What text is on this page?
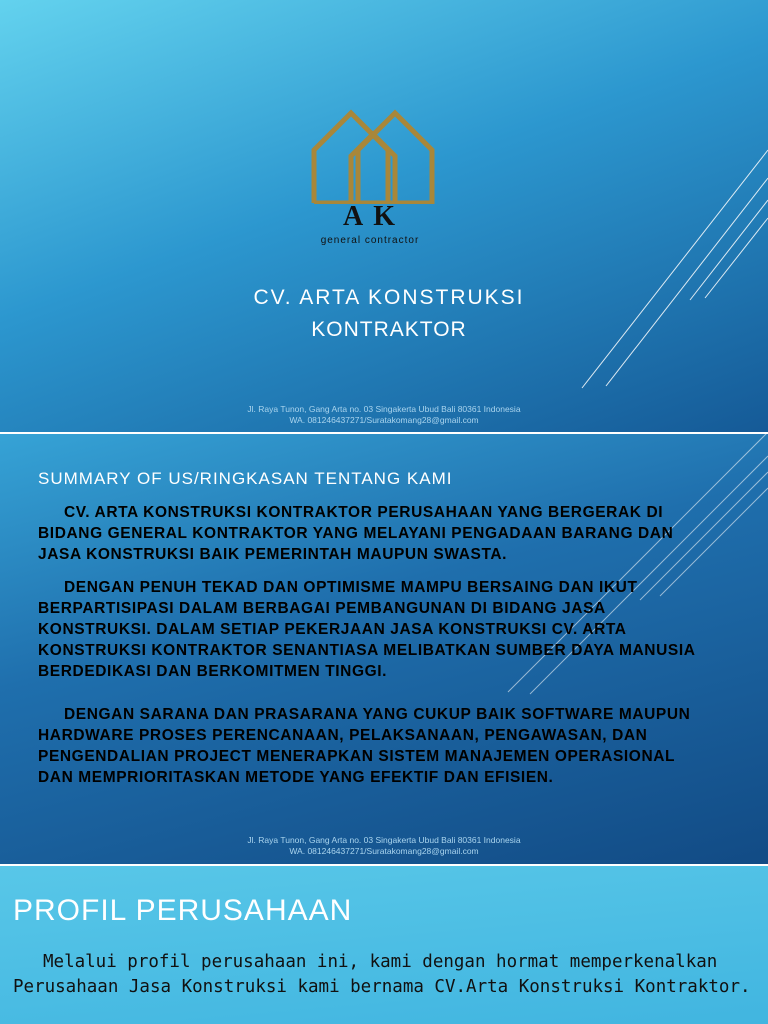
AK
general contractor
CV. ARTA KONSTRUKSI
KONTRAKTOR
Jl. Raya Tunon, Gang Arta no. 03 Singakerta Ubud Bali 80361 Indonesia
WA. 081246437271/Suratakomang28@gmail.com
SUMMARY OF US/RINGKASAN TENTANG KAMI

CV. ARTA KONSTRUKSI KONTRAKTOR PERUSAHAAN YANG BERGERAK DI BIDANG GENERAL KONTRAKTOR YANG MELAYANI PENGADAAN BARANG DAN JASA KONSTRUKSI BAIK PEMERINTAH MAUPUN SWASTA.

DENGAN PENUH TEKAD DAN OPTIMISME MAMPU BERSAING DAN IKUT BERPARTISIPASI DALAM BERBAGAI PEMBANGUNAN DI BIDANG JASA KONSTRUKSI. DALAM SETIAP PEKERJAAN JASA KONSTRUKSI CV. ARTA KONSTRUKSI KONTRAKTOR SENANTIASA MELIBATKAN SUMBER DAYA MANUSIA BERDEDIKASI DAN BERKOMITMEN TINGGI.

DENGAN SARANA DAN PRASARANA YANG CUKUP BAIK SOFTWARE MAUPUN HARDWARE PROSES PERENCANAAN, PELAKSANAAN, PENGAWASAN, DAN PENGENDALIAN PROJECT MENERAPKAN SISTEM MANAJEMEN OPERASIONAL DAN MEMPRIORITASKAN METODE YANG EFEKTIF DAN EFISIEN.

Jl. Raya Tunon, Gang Arta no. 03 Singakerta Ubud Bali 80361 Indonesia
WA. 081246437271/Suratakomang28@gmail.com
PROFIL PERUSAHAAN

Melalui profil perusahaan ini, kami dengan hormat memperkenalkan Perusahaan Jasa Konstruksi kami bernama CV.Arta Konstruksi Kontraktor.
